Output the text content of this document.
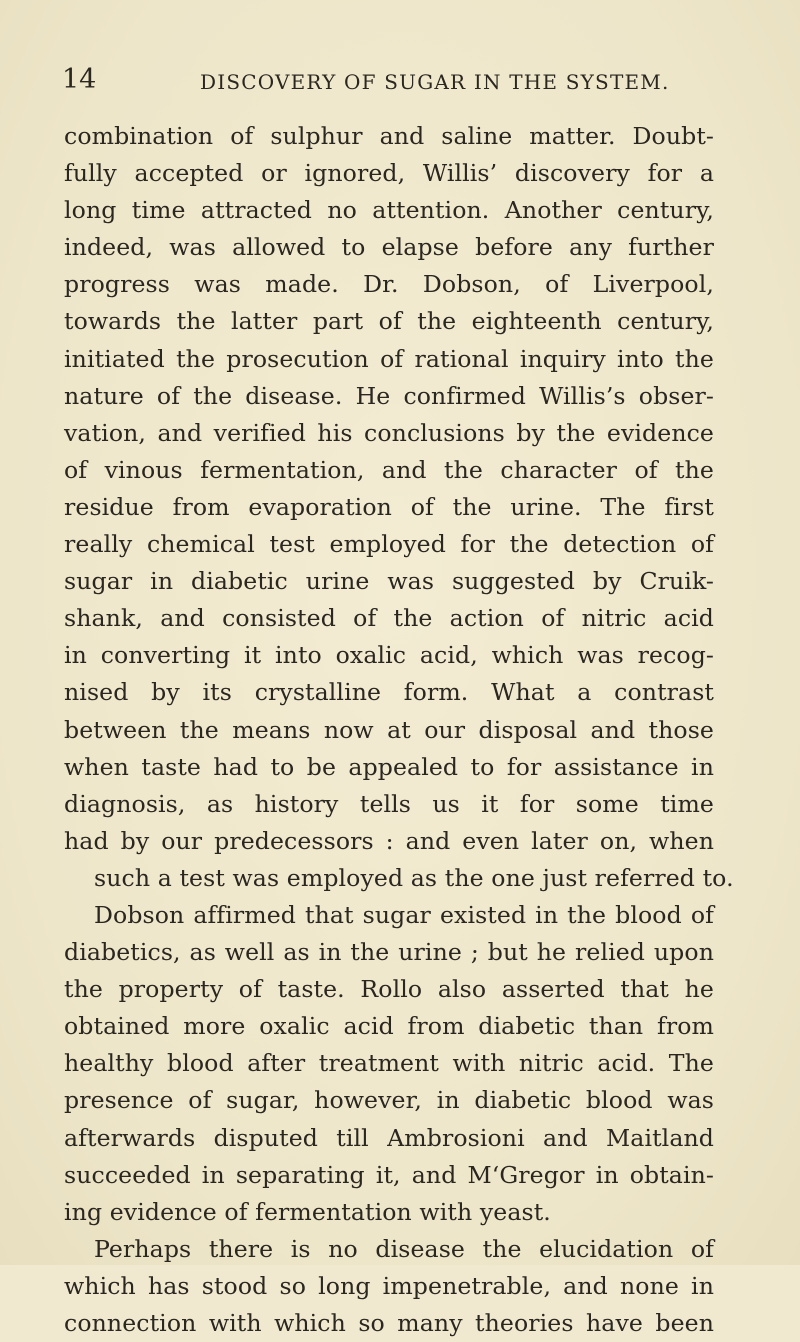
14	DISCOVERY OF SUGAR IN THE SYSTEM.
combination of sulphur and saline matter. Doubt-
fully accepted or ignored, Willis’ discovery for a
long time attracted no attention. Another century,
indeed, was allowed to elapse before any further
progress was made. Dr. Dobson, of Liverpool,
towards the latter part of the eighteenth century,
initiated the prosecution of rational inquiry into the
nature of the disease. He confirmed Willis’s obser-
vation, and verified his conclusions by the evidence
of vinous fermentation, and the character of the
residue from evaporation of the urine. The first
really chemical test employed for the detection of
sugar in diabetic urine was suggested by Cruik-
shank, and consisted of the action of nitric acid
in converting it into oxalic acid, which was recog-
nised by its crystalline form. What a contrast
between the means now at our disposal and those
when taste had to be appealed to for assistance in
diagnosis, as history tells us it for some time
had by our predecessors : and even later on, when
such a test was employed as the one just referred to.
Dobson affirmed that sugar existed in the blood of
diabetics, as well as in the urine ; but he relied upon
the property of taste. Rollo also asserted that he
obtained more oxalic acid from diabetic than from
healthy blood after treatment with nitric acid. The
presence of sugar, however, in diabetic blood was
afterwards disputed till Ambrosioni and Maitland
succeeded in separating it, and M‘Gregor in obtain-
ing evidence of fermentation with yeast.
Perhaps there is no disease the elucidation of
which has stood so long impenetrable, and none in
connection with which so many theories have been
